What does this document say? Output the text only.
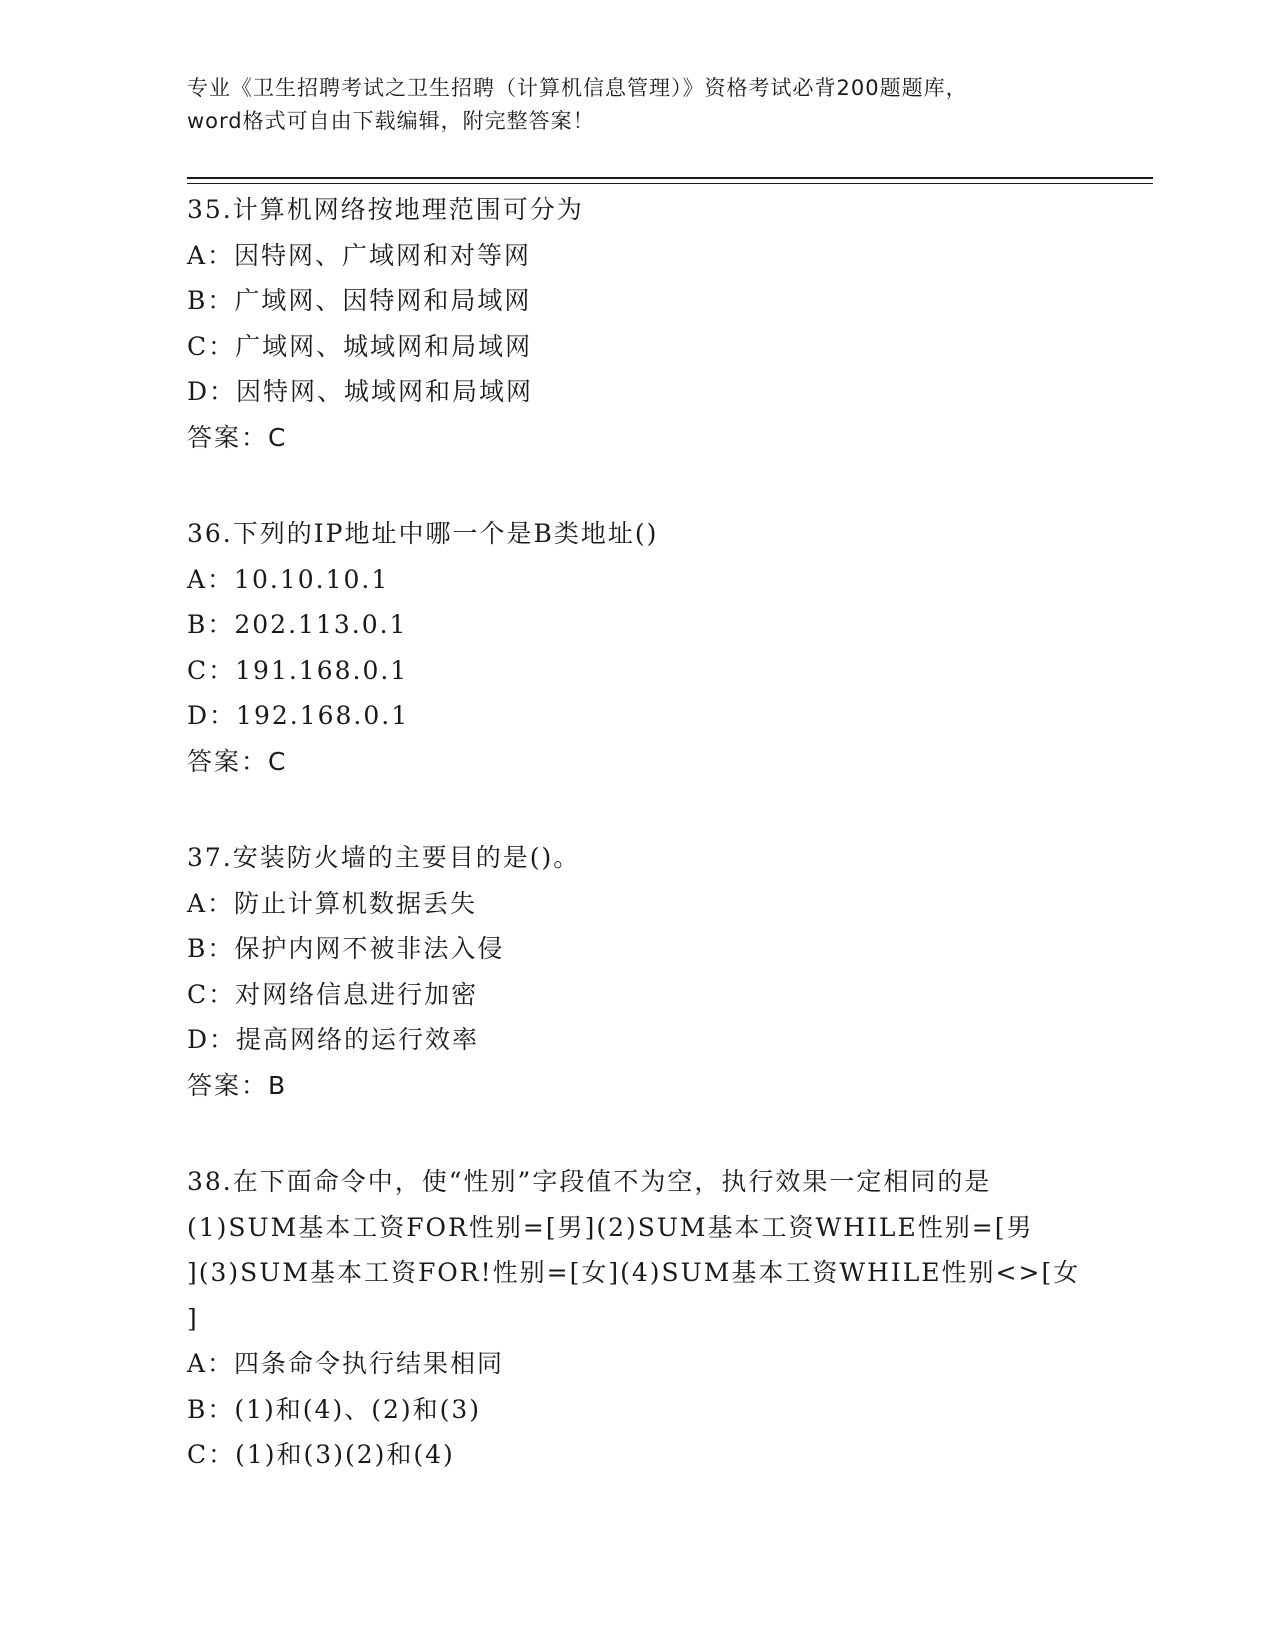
专业《卫生招聘考试之卫生招聘（计算机信息管理）》资格考试必背200题题库，
word格式可自由下载编辑，附完整答案！
35.计算机网络按地理范围可分为
A：因特网、广域网和对等网
B：广域网、因特网和局域网
C：广域网、城域网和局域网
D：因特网、城域网和局域网
答案：C
36.下列的IP地址中哪一个是B类地址()
A：10.10.10.1
B：202.113.0.1
C：191.168.0.1
D：192.168.0.1
答案：C
37.安装防火墙的主要目的是()。
A：防止计算机数据丢失
B：保护内网不被非法入侵
C：对网络信息进行加密
D：提高网络的运行效率
答案：B
38.在下面命令中，使“性别”字段值不为空，执行效果一定相同的是
(1)SUM基本工资FOR性别=[男](2)SUM基本工资WHILE性别=[男
](3)SUM基本工资FOR!性别=[女](4)SUM基本工资WHILE性别<>[女
]
A：四条命令执行结果相同
B：(1)和(4)、(2)和(3)
C：(1)和(3)(2)和(4)
